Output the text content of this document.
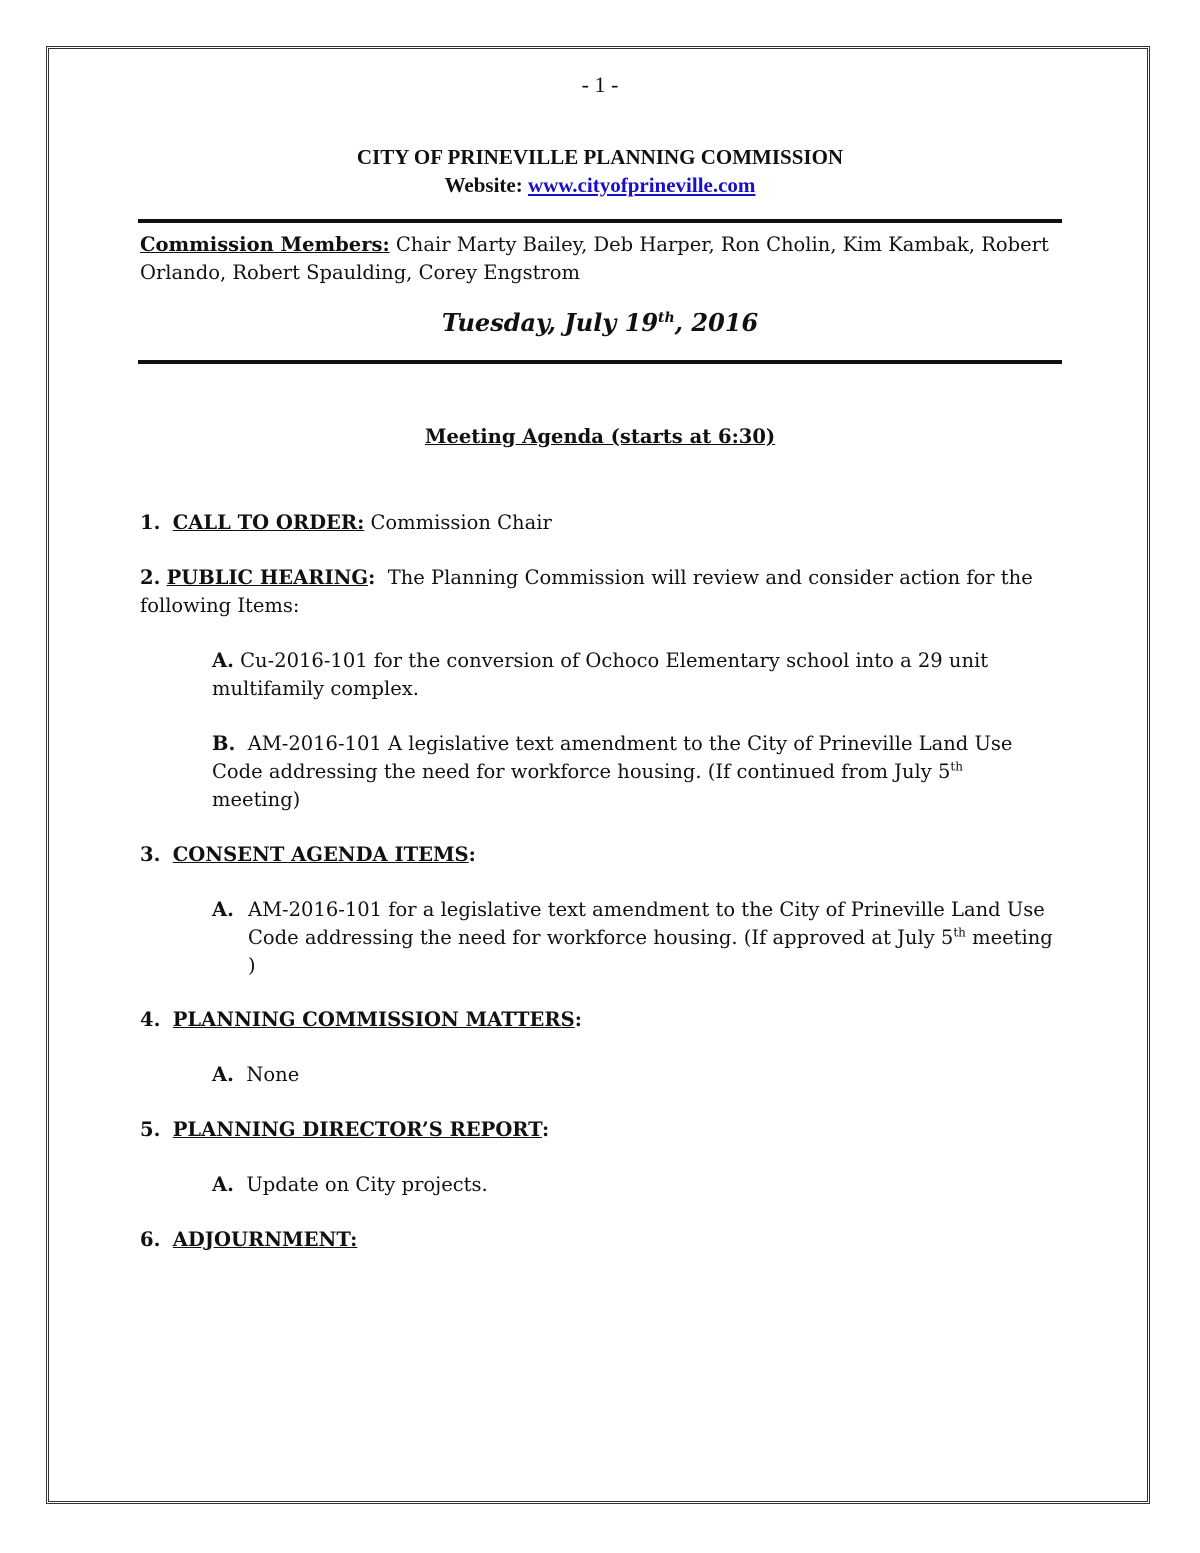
- 1 -
CITY OF PRINEVILLE PLANNING COMMISSION
Website: www.cityofprineville.com
Commission Members: Chair Marty Bailey, Deb Harper, Ron Cholin, Kim Kambak, Robert Orlando, Robert Spaulding, Corey Engstrom
Tuesday, July 19th, 2016
Meeting Agenda (starts at 6:30)
1. CALL TO ORDER: Commission Chair
2. PUBLIC HEARING: The Planning Commission will review and consider action for the following Items:
A. Cu-2016-101 for the conversion of Ochoco Elementary school into a 29 unit multifamily complex.
B. AM-2016-101 A legislative text amendment to the City of Prineville Land Use Code addressing the need for workforce housing. (If continued from July 5th meeting)
3. CONSENT AGENDA ITEMS:
A. AM-2016-101 for a legislative text amendment to the City of Prineville Land Use Code addressing the need for workforce housing. (If approved at July 5th meeting )
4. PLANNING COMMISSION MATTERS:
A. None
5. PLANNING DIRECTOR’S REPORT:
A. Update on City projects.
6. ADJOURNMENT:
